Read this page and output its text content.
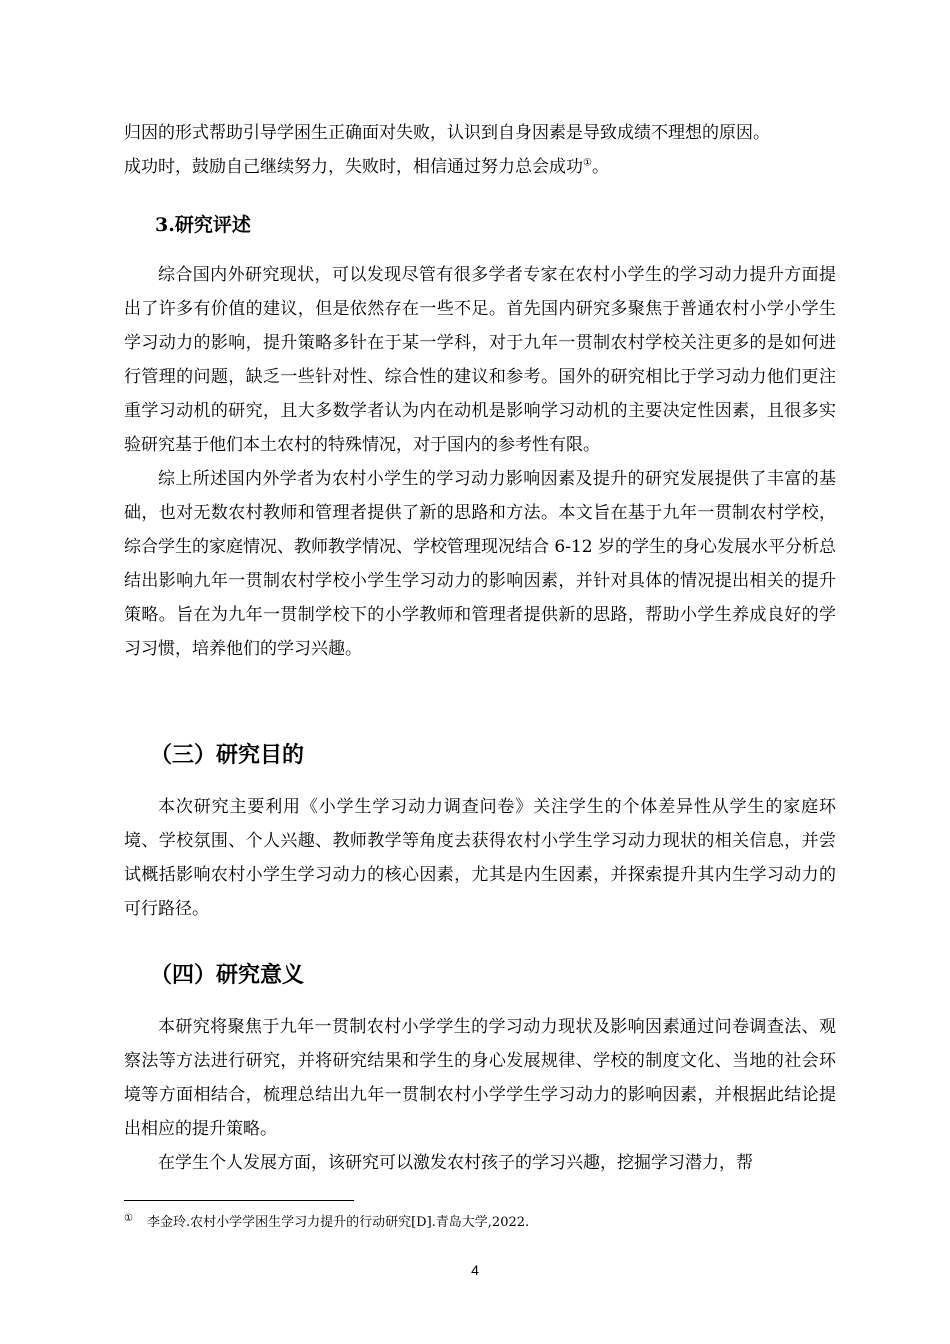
归因的形式帮助引导学困生正确面对失败，认识到自身因素是导致成绩不理想的原因。

成功时，鼓励自己继续努力，失败时，相信通过努力总会成功①。

3.研究评述

综合国内外研究现状，可以发现尽管有很多学者专家在农村小学生的学习动力提升方面提出了许多有价值的建议，但是依然存在一些不足。首先国内研究多聚焦于普通农村小学小学生学习动力的影响，提升策略多针在于某一学科，对于九年一贯制农村学校关注更多的是如何进行管理的问题，缺乏一些针对性、综合性的建议和参考。国外的研究相比于学习动力他们更注重学习动机的研究，且大多数学者认为内在动机是影响学习动机的主要决定性因素，且很多实验研究基于他们本土农村的特殊情况，对于国内的参考性有限。

综上所述国内外学者为农村小学生的学习动力影响因素及提升的研究发展提供了丰富的基础，也对无数农村教师和管理者提供了新的思路和方法。本文旨在基于九年一贯制农村学校，综合学生的家庭情况、教师教学情况、学校管理现况结合 6-12 岁的学生的身心发展水平分析总结出影响九年一贯制农村学校小学生学习动力的影响因素，并针对具体的情况提出相关的提升策略。旨在为九年一贯制学校下的小学教师和管理者提供新的思路，帮助小学生养成良好的学习习惯，培养他们的学习兴趣。

（三）研究目的

本次研究主要利用《小学生学习动力调查问卷》关注学生的个体差异性从学生的家庭环境、学校氛围、个人兴趣、教师教学等角度去获得农村小学生学习动力现状的相关信息，并尝试概括影响农村小学生学习动力的核心因素，尤其是内生因素，并探索提升其内生学习动力的可行路径。

（四）研究意义

本研究将聚焦于九年一贯制农村小学学生的学习动力现状及影响因素通过问卷调查法、观察法等方法进行研究，并将研究结果和学生的身心发展规律、学校的制度文化、当地的社会环境等方面相结合，梳理总结出九年一贯制农村小学学生学习动力的影响因素，并根据此结论提出相应的提升策略。

在学生个人发展方面，该研究可以激发农村孩子的学习兴趣，挖掘学习潜力，帮

① 李金玲.农村小学学困生学习力提升的行动研究[D].青岛大学,2022.
4
